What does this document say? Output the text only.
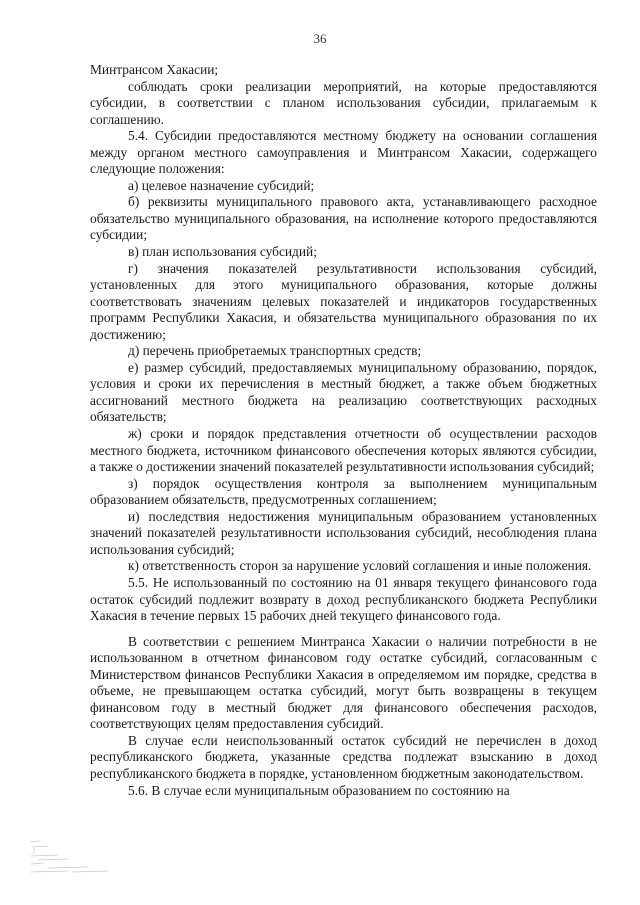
36

Минтрансом Хакасии;

соблюдать сроки реализации мероприятий, на которые предоставляются субсидии, в соответствии с планом использования субсидии, прилагаемым к соглашению.

5.4. Субсидии предоставляются местному бюджету на основании соглашения между органом местного самоуправления и Минтрансом Хакасии, содержащего следующие положения:

а) целевое назначение субсидий;

б) реквизиты муниципального правового акта, устанавливающего расходное обязательство муниципального образования, на исполнение которого предоставляются субсидии;

в) план использования субсидий;

г) значения показателей результативности использования субсидий, установленных для этого муниципального образования, которые должны соответствовать значениям целевых показателей и индикаторов государственных программ Республики Хакасия, и обязательства муниципального образования по их достижению;

д) перечень приобретаемых транспортных средств;

е) размер субсидий, предоставляемых муниципальному образованию, порядок, условия и сроки их перечисления в местный бюджет, а также объем бюджетных ассигнований местного бюджета на реализацию соответствующих расходных обязательств;

ж) сроки и порядок представления отчетности об осуществлении расходов местного бюджета, источником финансового обеспечения которых являются субсидии, а также о достижении значений показателей результативности использования субсидий;

з) порядок осуществления контроля за выполнением муниципальным образованием обязательств, предусмотренных соглашением;

и) последствия недостижения муниципальным образованием установленных значений показателей результативности использования субсидий, несоблюдения плана использования субсидий;

к) ответственность сторон за нарушение условий соглашения и иные положения.

5.5. Не использованный по состоянию на 01 января текущего финансового года остаток субсидий подлежит возврату в доход республиканского бюджета Республики Хакасия в течение первых 15 рабочих дней текущего финансового года.

В соответствии с решением Минтранса Хакасии о наличии потребности в не использованном в отчетном финансовом году остатке субсидий, согласованным с Министерством финансов Республики Хакасия в определяемом им порядке, средства в объеме, не превышающем остатка субсидий, могут быть возвращены в текущем финансовом году в местный бюджет для финансового обеспечения расходов, соответствующих целям предоставления субсидий.

В случае если неиспользованный остаток субсидий не перечислен в доход республиканского бюджета, указанные средства подлежат взысканию в доход республиканского бюджета в порядке, установленном бюджетным законодательством.

5.6. В случае если муниципальным образованием по состоянию на
